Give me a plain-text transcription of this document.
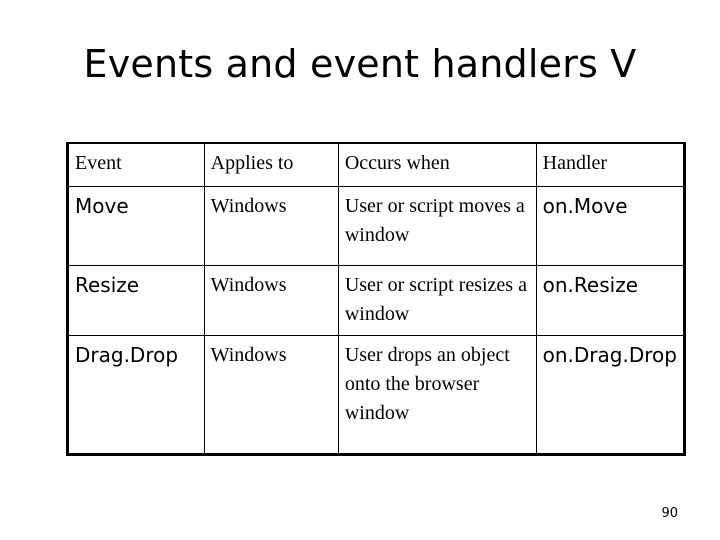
Events and event handlers V
Event	Applies to	Occurs when	Handler
Move	Windows	User or script moves a window	on.Move
Resize	Windows	User or script resizes a window	on.Resize
Drag.Drop	Windows	User drops an object onto the browser window	on.Drag.Drop
90
